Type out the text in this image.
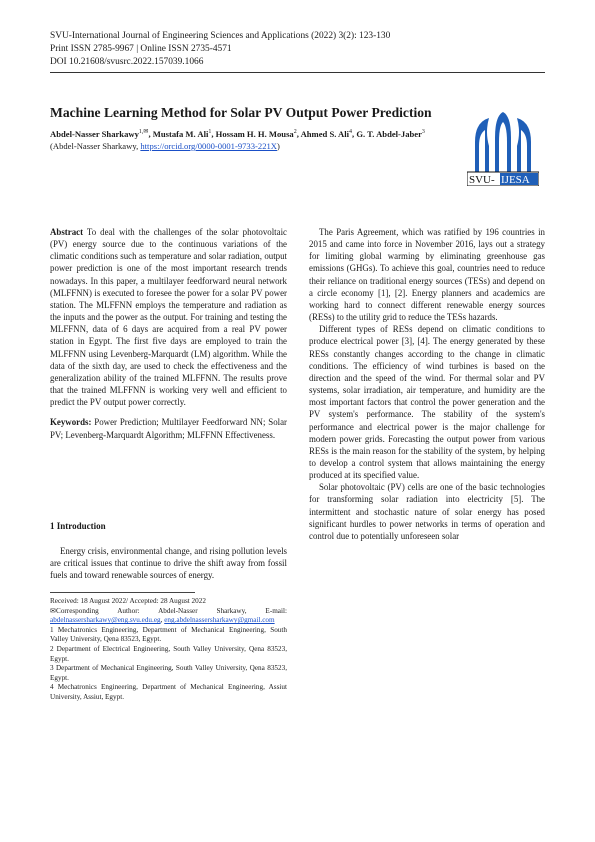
SVU-International Journal of Engineering Sciences and Applications (2022) 3(2): 123-130
Print ISSN 2785-9967 | Online ISSN 2735-4571
DOI 10.21608/svusrc.2022.157039.1066
Machine Learning Method for Solar PV Output Power Prediction
Abdel-Nasser Sharkawy$^{1,✉}$, Mustafa M. Ali$^1$, Hossam H. H. Mousa$^2$, Ahmed S. Ali$^4$, G. T. Abdel-Jaber$^3$
(Abdel-Nasser Sharkawy, https://orcid.org/0000-0001-9733-221X)
SVU- IJESA

Abstract To deal with the challenges of the solar photovoltaic (PV) energy source due to the continuous variations of the climatic conditions such as temperature and solar radiation, output power prediction is one of the most important research trends nowadays. In this paper, a multilayer feedforward neural network (MLFFNN) is executed to foresee the power for a solar PV power station. The MLFFNN employs the temperature and radiation as the inputs and the power as the output. For training and testing the MLFFNN, data of 6 days are acquired from a real PV power station in Egypt. The first five days are employed to train the MLFFNN using Levenberg-Marquardt (LM) algorithm. While the data of the sixth day, are used to check the effectiveness and the generalization ability of the trained MLFFNN. The results prove that the trained MLFFNN is working very well and efficient to predict the PV output power correctly.

Keywords: Power Prediction; Multilayer Feedforward NN; Solar PV; Levenberg-Marquardt Algorithm; MLFFNN Effectiveness.

1 Introduction
Energy crisis, environmental change, and rising pollution levels are critical issues that continue to drive the shift away from fossil fuels and toward renewable sources of energy.
Received: 18 August 2022/ Accepted: 28 August 2022
✉Corresponding Author: Abdel-Nasser Sharkawy, E-mail: abdelnassersharkawy@eng.svu.edu.eg, eng.abdelnassersharkawy@gmail.com
1 Mechatronics Engineering, Department of Mechanical Engineering, South Valley University, Qena 83523, Egypt.
2 Department of Electrical Engineering, South Valley University, Qena 83523, Egypt.
3 Department of Mechanical Engineering, South Valley University, Qena 83523, Egypt.
4 Mechatronics Engineering, Department of Mechanical Engineering, Assiut University, Assiut, Egypt.

The Paris Agreement, which was ratified by 196 countries in 2015 and came into force in November 2016, lays out a strategy for limiting global warming by eliminating greenhouse gas emissions (GHGs). To achieve this goal, countries need to reduce their reliance on traditional energy sources (TESs) and depend on a circle economy [1], [2]. Energy planners and academics are working hard to connect different renewable energy sources (RESs) to the utility grid to reduce the TESs hazards.

Different types of RESs depend on climatic conditions to produce electrical power [3], [4]. The energy generated by these RESs constantly changes according to the change in climatic conditions. The efficiency of wind turbines is based on the direction and the speed of the wind. For thermal solar and PV systems, solar irradiation, air temperature, and humidity are the most important factors that control the power generation and the PV system's performance. The stability of the system's performance and electrical power is the major challenge for modern power grids. Forecasting the output power from various RESs is the main reason for the stability of the system, by helping to develop a control system that allows maintaining the energy produced at its specified value.

Solar photovoltaic (PV) cells are one of the basic technologies for transforming solar radiation into electricity [5]. The intermittent and stochastic nature of solar energy has posed significant hurdles to power networks in terms of operation and control due to potentially unforeseen solar
